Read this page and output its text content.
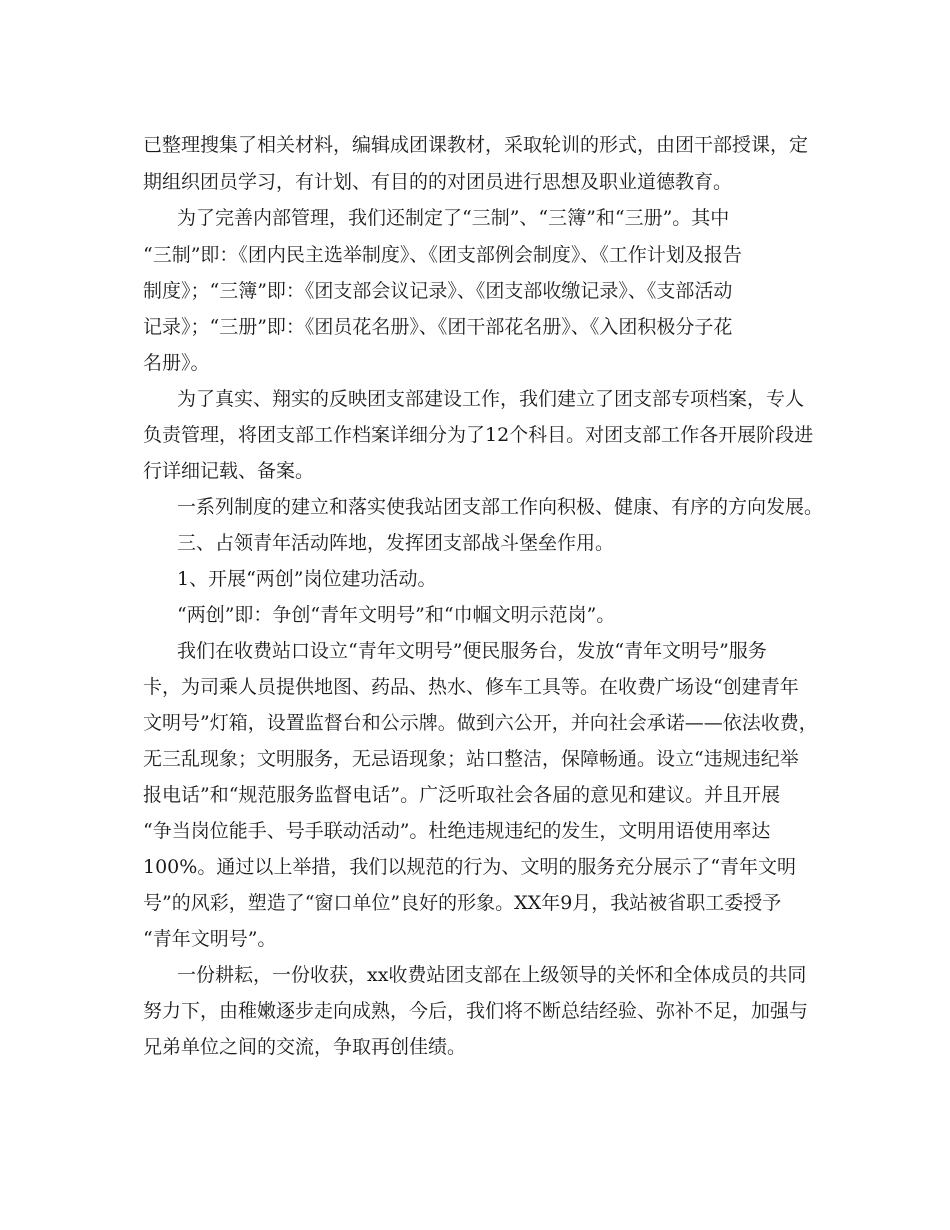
已整理搜集了相关材料，编辑成团课教材，采取轮训的形式，由团干部授课，定
期组织团员学习，有计划、有目的的对团员进行思想及职业道德教育。
为了完善内部管理，我们还制定了“三制”、“三簿”和“三册”。其中
“三制”即：《团内民主选举制度》、《团支部例会制度》、《工作计划及报告
制度》；“三簿”即：《团支部会议记录》、《团支部收缴记录》、《支部活动
记录》；“三册”即：《团员花名册》、《团干部花名册》、《入团积极分子花
名册》。
为了真实、翔实的反映团支部建设工作，我们建立了团支部专项档案，专人
负责管理，将团支部工作档案详细分为了12个科目。对团支部工作各开展阶段进
行详细记载、备案。
一系列制度的建立和落实使我站团支部工作向积极、健康、有序的方向发展。
三、占领青年活动阵地，发挥团支部战斗堡垒作用。
1、开展“两创”岗位建功活动。
“两创”即：争创“青年文明号”和“巾帼文明示范岗”。
我们在收费站口设立“青年文明号”便民服务台，发放“青年文明号”服务
卡，为司乘人员提供地图、药品、热水、修车工具等。在收费广场设“创建青年
文明号”灯箱，设置监督台和公示牌。做到六公开，并向社会承诺——依法收费，
无三乱现象；文明服务，无忌语现象；站口整洁，保障畅通。设立“违规违纪举
报电话”和“规范服务监督电话”。广泛听取社会各届的意见和建议。并且开展
“争当岗位能手、号手联动活动”。杜绝违规违纪的发生，文明用语使用率达
100%。通过以上举措，我们以规范的行为、文明的服务充分展示了“青年文明
号”的风彩，塑造了“窗口单位”良好的形象。XX年9月，我站被省职工委授予
“青年文明号”。
一份耕耘，一份收获，xx收费站团支部在上级领导的关怀和全体成员的共同
努力下，由稚嫩逐步走向成熟，今后，我们将不断总结经验、弥补不足，加强与
兄弟单位之间的交流，争取再创佳绩。
